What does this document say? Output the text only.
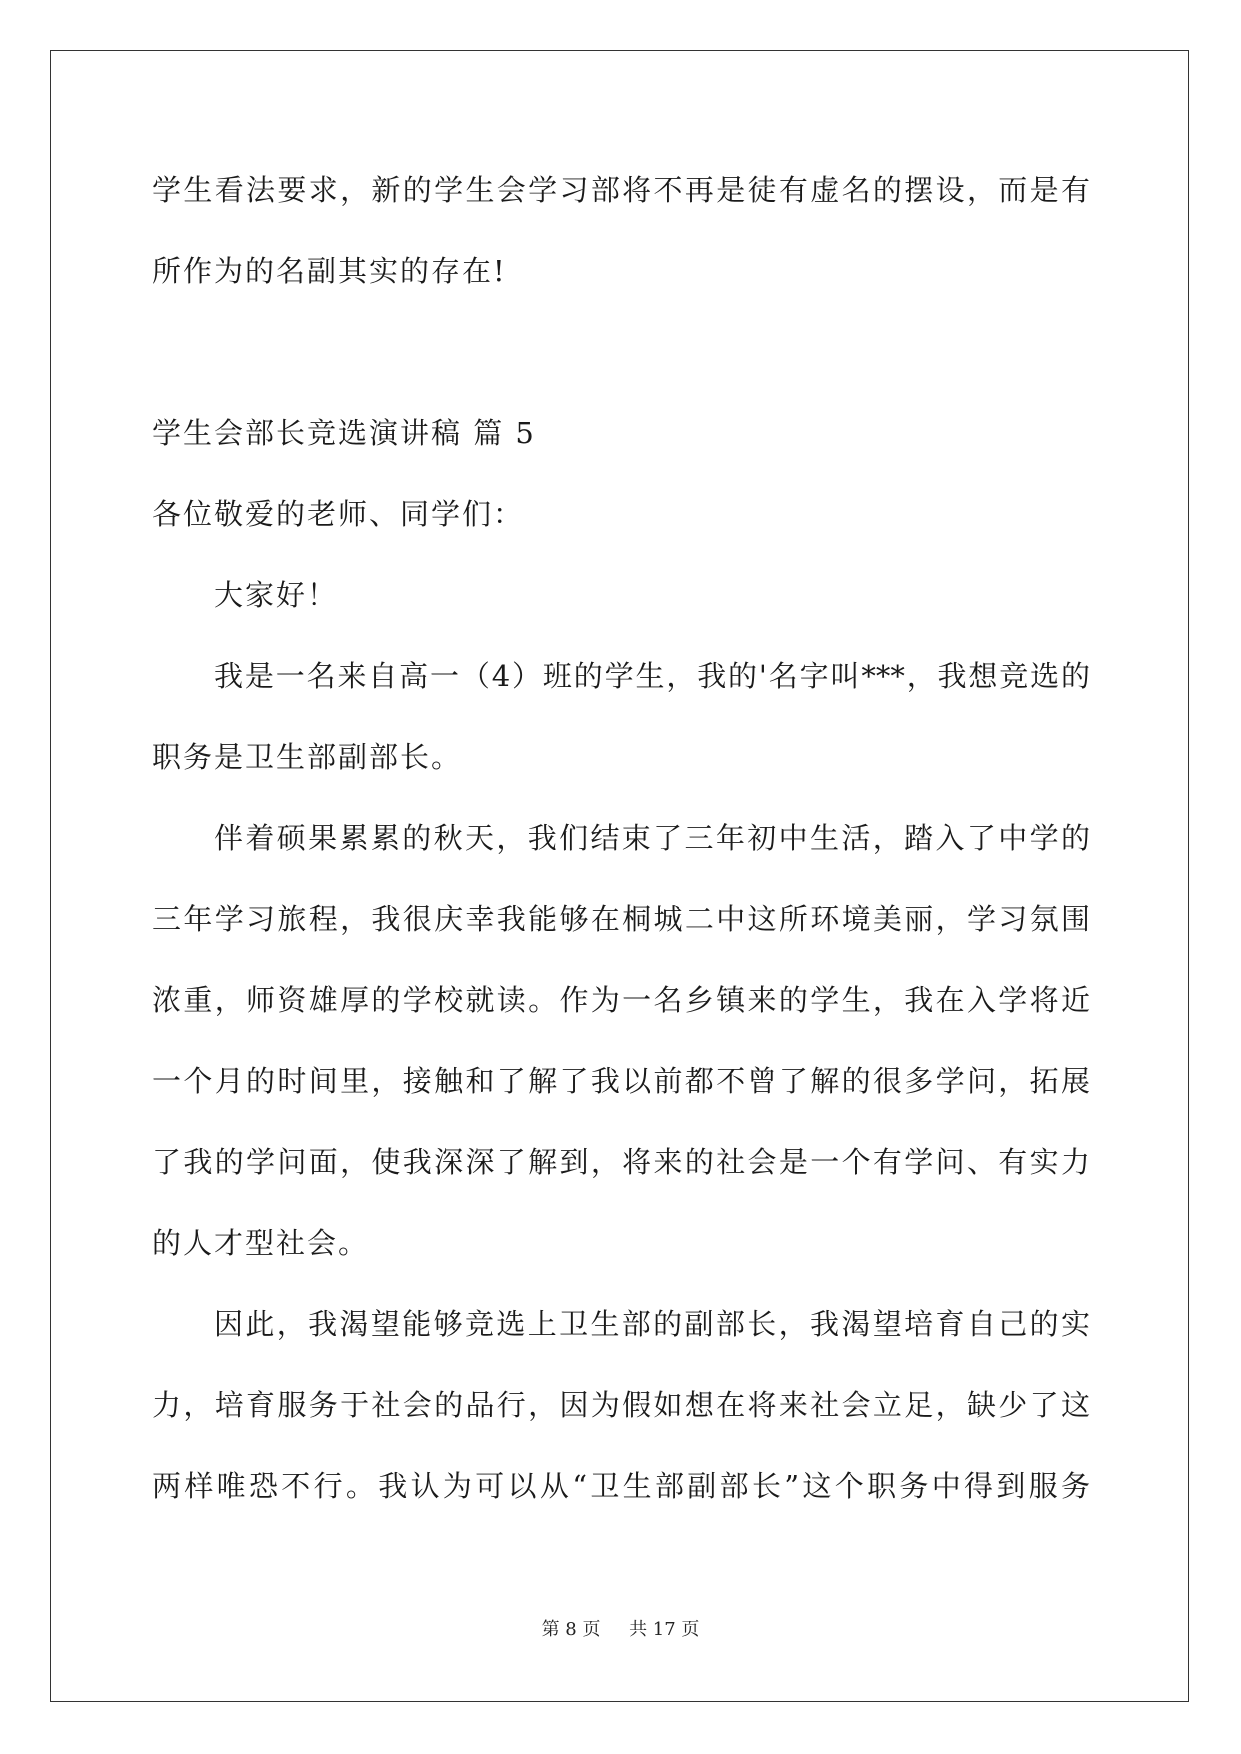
学生看法要求，新的学生会学习部将不再是徒有虚名的摆设，而是有
所作为的名副其实的存在!
学生会部长竞选演讲稿 篇 5
各位敬爱的老师、同学们：
大家好！
我是一名来自高一（4）班的学生，我的'名字叫***，我想竞选的
职务是卫生部副部长。
伴着硕果累累的秋天，我们结束了三年初中生活，踏入了中学的
三年学习旅程，我很庆幸我能够在桐城二中这所环境美丽，学习氛围
浓重，师资雄厚的学校就读。作为一名乡镇来的学生，我在入学将近
一个月的时间里，接触和了解了我以前都不曾了解的很多学问，拓展
了我的学问面，使我深深了解到，将来的社会是一个有学问、有实力
的人才型社会。
因此，我渴望能够竞选上卫生部的副部长，我渴望培育自己的实
力，培育服务于社会的品行，因为假如想在将来社会立足，缺少了这
两样唯恐不行。我认为可以从“卫生部副部长”这个职务中得到服务
第 8 页 共 17 页
